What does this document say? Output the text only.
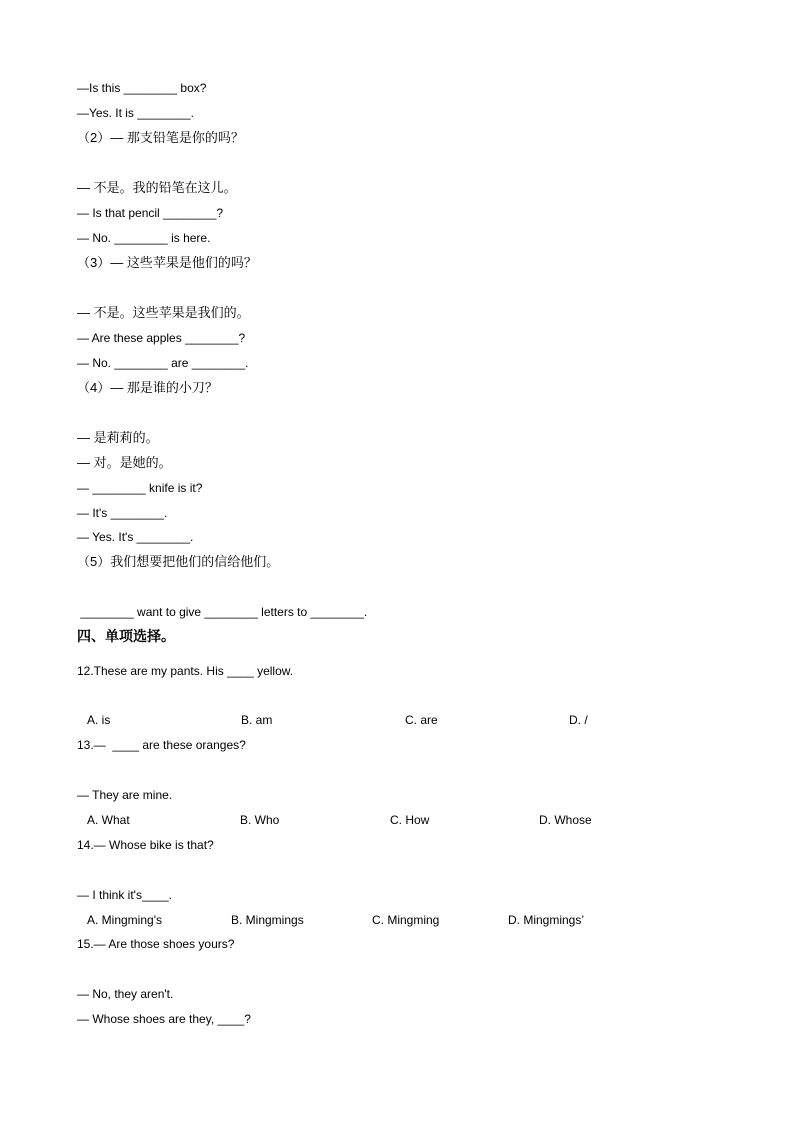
—Is this ________ box?
—Yes. It is ________.
（2）— 那支铅笔是你的吗？
— 不是。我的铅笔在这儿。
— Is that pencil ________?
— No. ________ is here.
（3）— 这些苹果是他们的吗？
— 不是。这些苹果是我们的。
— Are these apples ________?
— No. ________ are ________.
（4）— 那是谁的小刀？
— 是莉莉的。
— 对。是她的。
— ________ knife is it?
— It's ________.
— Yes. It's ________.
（5）我们想要把他们的信给他们。
________ want to give ________ letters to ________.
四、单项选择。
12.These are my pants. His ____ yellow.
A. is	B. am	C. are	D. /
13.—  ____ are these oranges?
— They are mine.
A. What	B. Who	C. How	D. Whose
14.— Whose bike is that?
— I think it's____.
A. Mingming's	B. Mingmings	C. Mingming	D. Mingmings’
15.— Are those shoes yours?
— No, they aren't.
— Whose shoes are they, ____?
